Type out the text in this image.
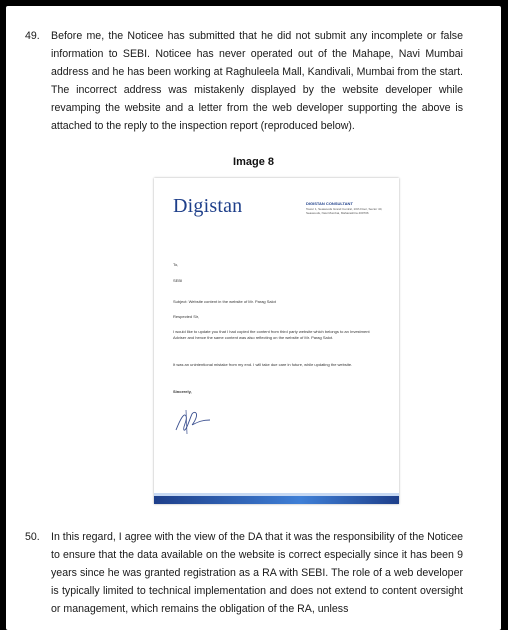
49. Before me, the Noticee has submitted that he did not submit any incomplete or false information to SEBI. Noticee has never operated out of the Mahape, Navi Mumbai address and he has been working at Raghuleela Mall, Kandivali, Mumbai from the start. The incorrect address was mistakenly displayed by the website developer while revamping the website and a letter from the web developer supporting the above is attached to the reply to the inspection report (reproduced below).
Image 8
Digistan	DIGISTAN CONSULTANT
Tower 1, Seawoods Grand Central, 10th Floor, Sector 40, Seawoods, Navi Mumbai, Maharashtra 400706
To,
SEBI
Subject: Website content in the website of Mr. Parag Salot
Respected Sir,
I would like to update you that I had copied the content from third party website which belongs to an Investment Adviser and hence the same content was also reflecting on the website of Mr. Parag Salot.
It was an unintentional mistake from my end. I will take due care in future, while updating the website.
Sincerely,
50. In this regard, I agree with the view of the DA that it was the responsibility of the Noticee to ensure that the data available on the website is correct especially since it has been 9 years since he was granted registration as a RA with SEBI. The role of a web developer is typically limited to technical implementation and does not extend to content oversight or management, which remains the obligation of the RA, unless
